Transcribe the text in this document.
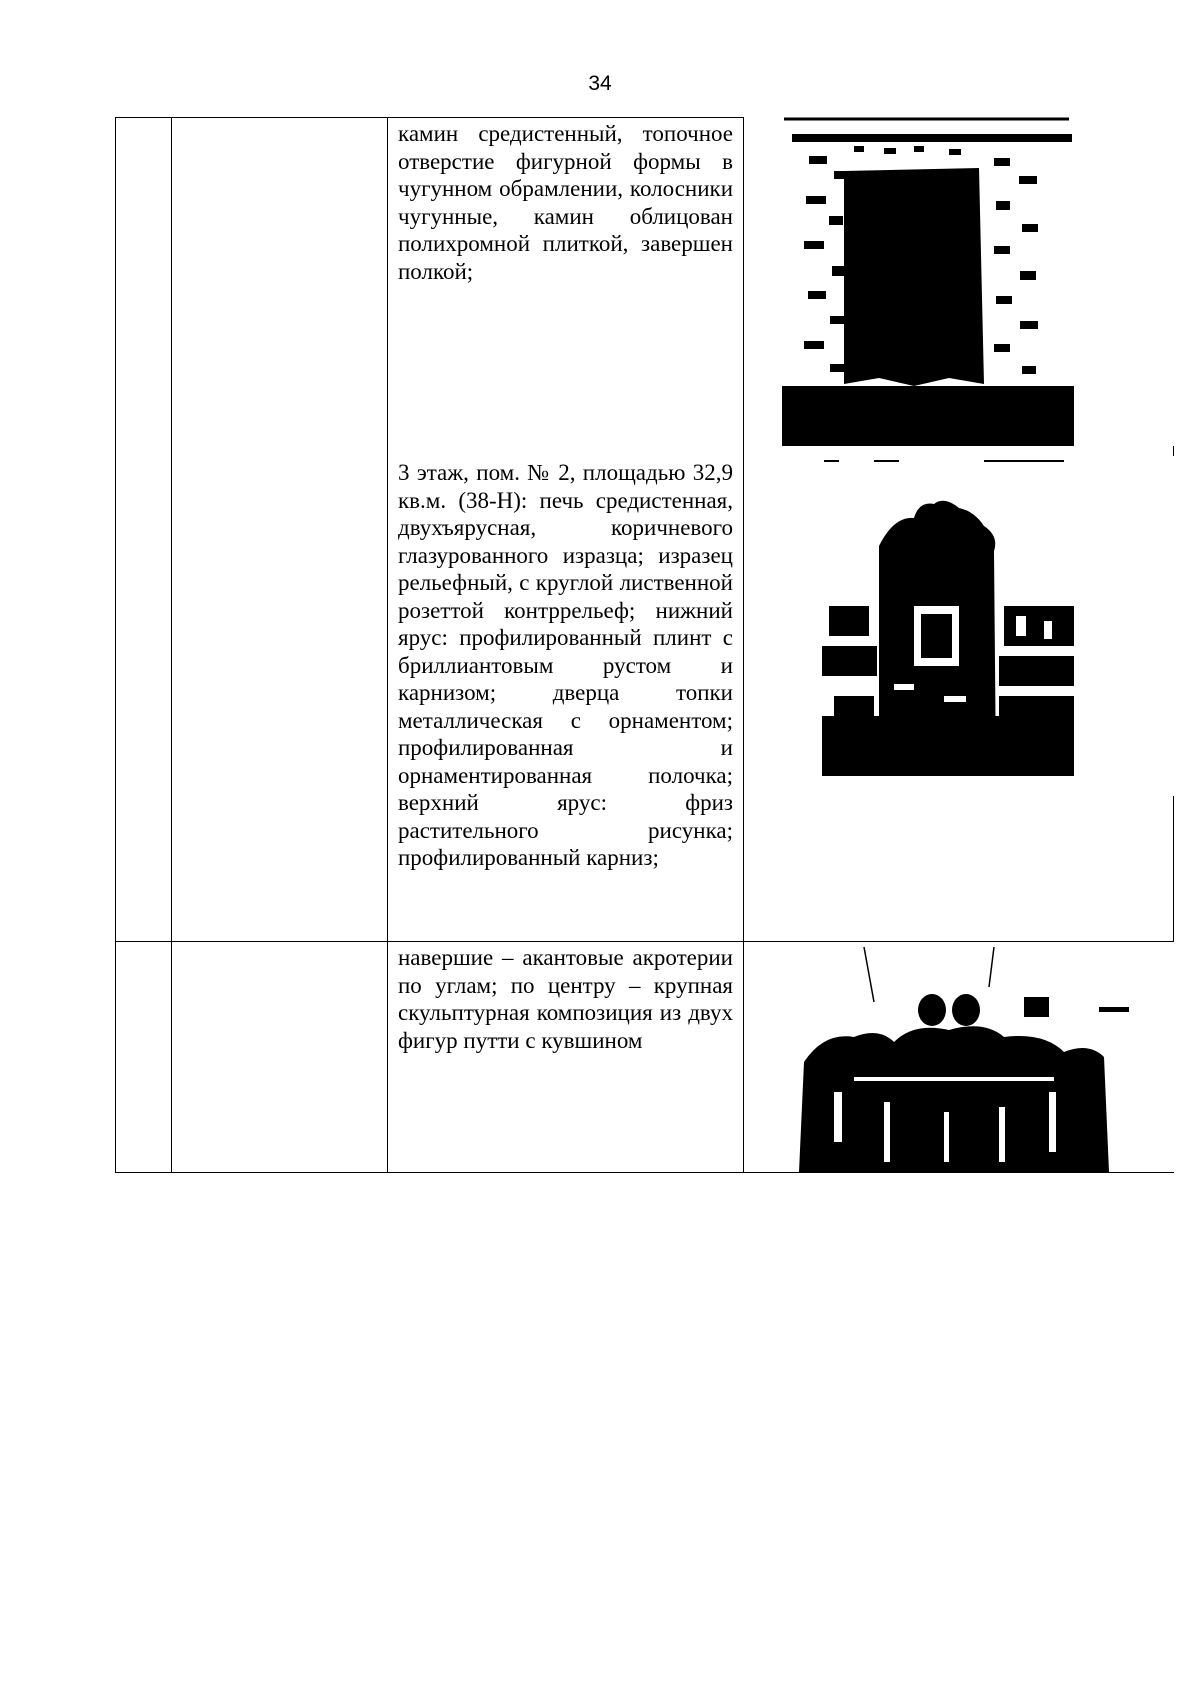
34

		камин средистенный, топочное отверстие фигурной формы в чугунном обрамлении, колосники чугунные, камин облицован полихромной плиткой, завершен полкой;

3 этаж, пом. № 2, площадью 32,9 кв.м. (38-Н): печь средистенная, двухъярусная, коричневого глазурованного изразца; изразец рельефный, с круглой лиственной розеттой контррельеф; нижний ярус: профилированный плинт с бриллиантовым рустом и карнизом; дверца топки металлическая с орнаментом; профилированная и орнаментированная полочка; верхний ярус: фриз растительного рисунка; профилированный карниз;

		навершие – акантовые акротерии по углам; по центру – крупная скульптурная композиция из двух фигур путти с кувшином
